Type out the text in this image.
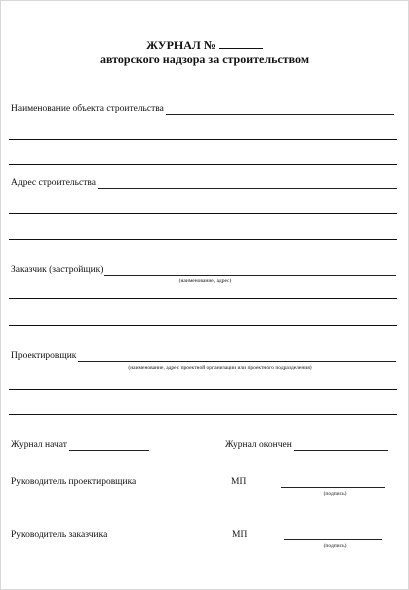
ЖУРНАЛ №
авторского надзора за строительством
Наименование объекта строительства
Адрес строительства
Заказчик (застройщик)
(наименование, адрес)
Проектировщик
(наименование, адрес проектной организации или проектного подразделения)
Журнал начат	Журнал окончен
Руководитель проектировщика	МП
(подпись)
Руководитель заказчика	МП
(подпись)
